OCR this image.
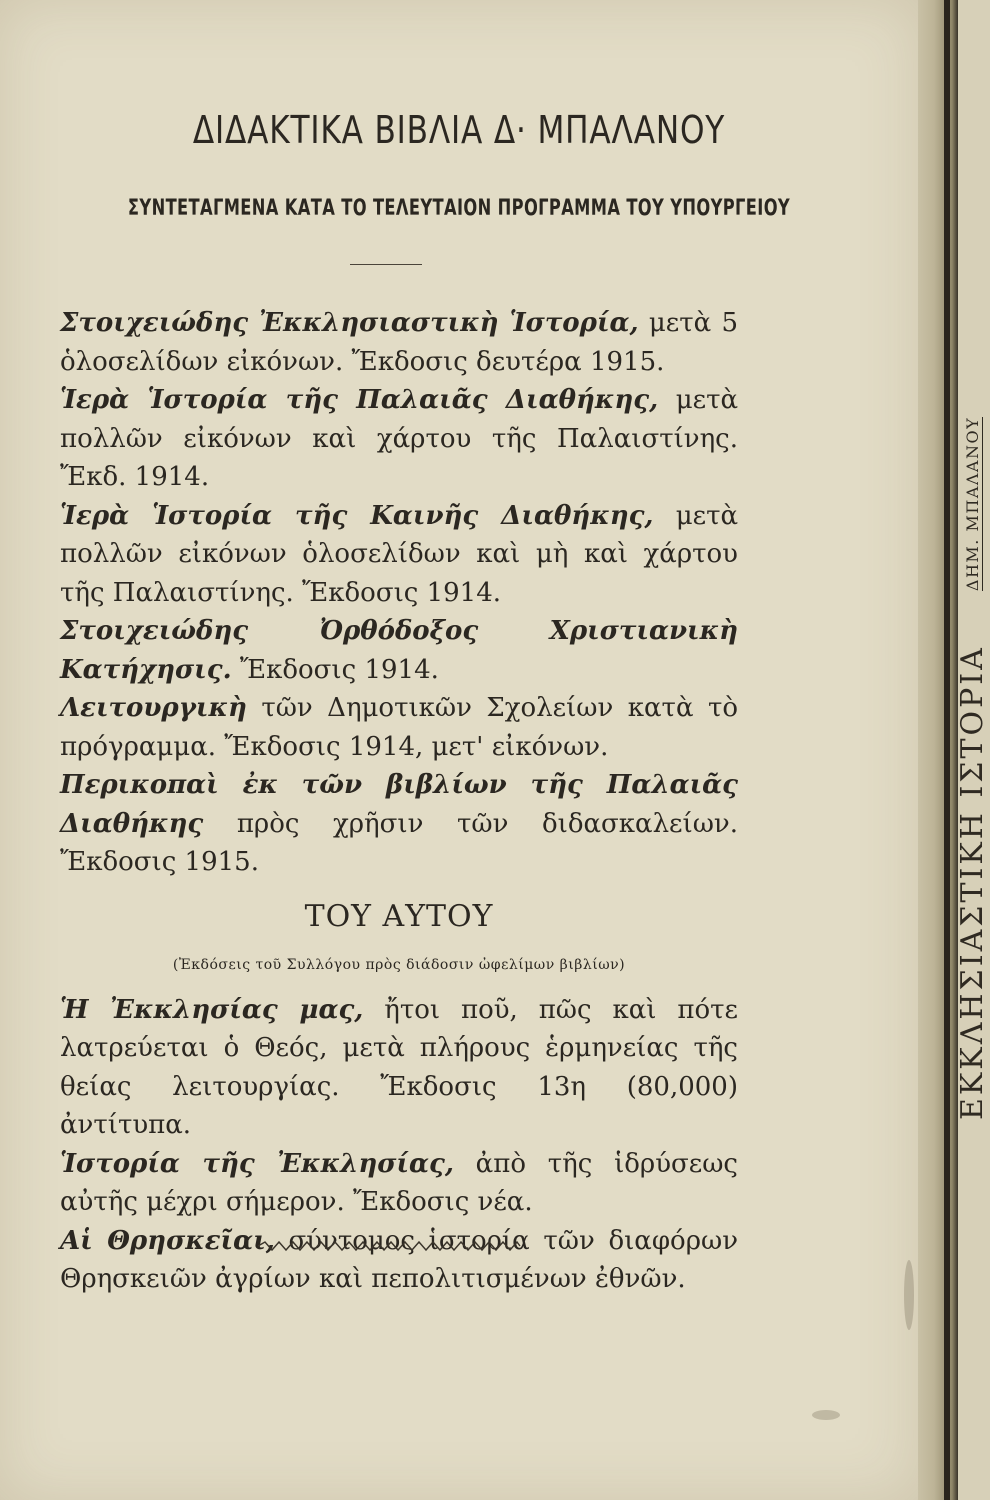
ΕΚΚΛΗΣΙΑΣΤΙΚΗ ΙΣΤΟΡΙΑ ΔΗΜ. ΜΠΑΛΑΝΟΥ
ΔΙΔΑΚΤΙΚΑ ΒΙΒΛΙΑ Δ· ΜΠΑΛΑΝΟΥ
ΣΥΝΤΕΤΑΓΜΕΝΑ ΚΑΤΑ ΤΟ ΤΕΛΕΥΤΑΙΟΝ ΠΡΟΓΡΑΜΜΑ ΤΟΥ ΥΠΟΥΡΓΕΙΟΥ

Στοιχειώδης Ἐκκλησιαστικὴ Ἱστορία, μετὰ 5 ὁλοσελίδων εἰκόνων. Ἔκδοσις δευτέρα 1915.

Ἱερὰ Ἱστορία τῆς Παλαιᾶς Διαθήκης, μετὰ πολλῶν εἰκόνων καὶ χάρτου τῆς Παλαιστίνης. Ἔκδ. 1914.

Ἱερὰ Ἱστορία τῆς Καινῆς Διαθήκης, μετὰ πολλῶν εἰκόνων ὁλοσελίδων καὶ μὴ καὶ χάρτου τῆς Παλαιστίνης. Ἔκδοσις 1914.

Στοιχειώδης Ὀρθόδοξος Χριστιανικὴ Κατήχησις. Ἔκδοσις 1914.

Λειτουργικὴ τῶν Δημοτικῶν Σχολείων κατὰ τὸ πρόγραμμα. Ἔκδοσις 1914, μετ' εἰκόνων.

Περικοπαὶ ἐκ τῶν βιβλίων τῆς Παλαιᾶς Διαθήκης πρὸς χρῆσιν τῶν διδασκαλείων. Ἔκδοσις 1915.

ΤΟΥ ΑΥΤΟΥ
(Ἐκδόσεις τοῦ Συλλόγου πρὸς διάδοσιν ὠφελίμων βιβλίων)

Ἡ Ἐκκλησίας μας, ἤτοι ποῦ, πῶς καὶ πότε λατρεύεται ὁ Θεός, μετὰ πλήρους ἑρμηνείας τῆς θείας λειτουργίας. Ἔκδοσις 13η (80,000) ἀντίτυπα.

Ἱστορία τῆς Ἐκκλησίας, ἀπὸ τῆς ἱδρύσεως αὐτῆς μέχρι σήμερον. Ἔκδοσις νέα.

Αἱ Θρησκεῖαι, σύντομος ἱστορία τῶν διαφόρων Θρησκειῶν ἀγρίων καὶ πεπολιτισμένων ἐθνῶν.
